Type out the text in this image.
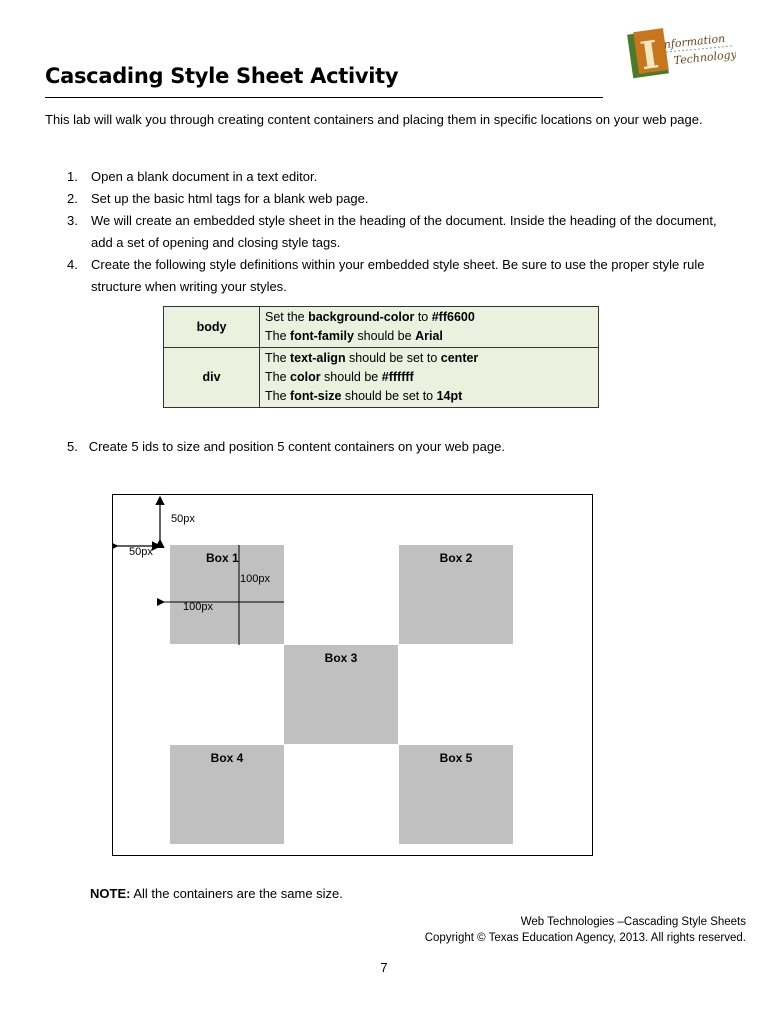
I nformation
Technology
Cascading Style Sheet Activity
This lab will walk you through creating content containers and placing them in specific locations on your web page.
1. Open a blank document in a text editor.
2. Set up the basic html tags for a blank web page.
3. We will create an embedded style sheet in the heading of the document. Inside the heading of the document, add a set of opening and closing style tags.
4. Create the following style definitions within your embedded style sheet. Be sure to use the proper style rule structure when writing your styles.
body	Set the background-color to #ff6600
The font-family should be Arial

div	The text-align should be set to center
The color should be #ffffff
The font-size should be set to 14pt
5. Create 5 ids to size and position 5 content containers on your web page.
Box 1	Box 2
Box 3
Box 4	Box 5
50px
50px
100px
100px
NOTE: All the containers are the same size.
Web Technologies –Cascading Style Sheets
Copyright © Texas Education Agency, 2013. All rights reserved.
7
